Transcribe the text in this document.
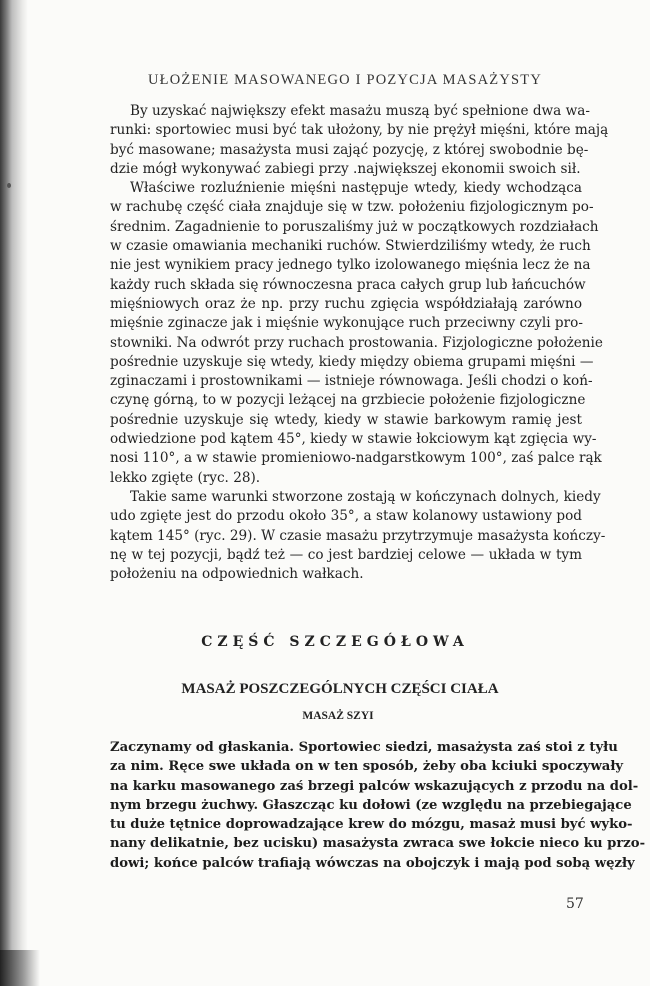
UŁOŻENIE MASOWANEGO I POZYCJA MASAŻYSTY
By uzyskać największy efekt masażu muszą być spełnione dwa wa-
runki: sportowiec musi być tak ułożony, by nie prężył mięśni, które mają
być masowane; masażysta musi zająć pozycję, z której swobodnie bę-
dzie mógł wykonywać zabiegi przy .największej ekonomii swoich sił.
Właściwe rozluźnienie mięśni następuje wtedy, kiedy wchodząca
w rachubę część ciała znajduje się w tzw. położeniu fizjologicznym po-
średnim. Zagadnienie to poruszaliśmy już w początkowych rozdziałach
w czasie omawiania mechaniki ruchów. Stwierdziliśmy wtedy, że ruch
nie jest wynikiem pracy jednego tylko izolowanego mięśnia lecz że na
każdy ruch składa się równoczesna praca całych grup lub łańcuchów
mięśniowych oraz że np. przy ruchu zgięcia współdziałają zarówno
mięśnie zginacze jak i mięśnie wykonujące ruch przeciwny czyli pro-
stowniki. Na odwrót przy ruchach prostowania. Fizjologiczne położenie
pośrednie uzyskuje się wtedy, kiedy między obiema grupami mięśni —
zginaczami i prostownikami — istnieje równowaga. Jeśli chodzi o koń-
czynę górną, to w pozycji leżącej na grzbiecie położenie fizjologiczne
pośrednie uzyskuje się wtedy, kiedy w stawie barkowym ramię jest
odwiedzione pod kątem 45°, kiedy w stawie łokciowym kąt zgięcia wy-
nosi 110°, a w stawie promieniowo-nadgarstkowym 100°, zaś palce rąk
lekko zgięte (ryc. 28).
Takie same warunki stworzone zostają w kończynach dolnych, kiedy
udo zgięte jest do przodu około 35°, a staw kolanowy ustawiony pod
kątem 145° (ryc. 29). W czasie masażu przytrzymuje masażysta kończy-
nę w tej pozycji, bądź też — co jest bardziej celowe — układa w tym
położeniu na odpowiednich wałkach.
CZĘŚĆ SZCZEGÓŁOWA
MASAŻ POSZCZEGÓLNYCH CZĘŚCI CIAŁA
MASAŻ SZYI
Zaczynamy od głaskania. Sportowiec siedzi, masażysta zaś stoi z tyłu
za nim. Ręce swe układa on w ten sposób, żeby oba kciuki spoczywały
na karku masowanego zaś brzegi palców wskazujących z przodu na dol-
nym brzegu żuchwy. Głaszcząc ku dołowi (ze względu na przebiegające
tu duże tętnice doprowadzające krew do mózgu, masaż musi być wyko-
nany delikatnie, bez ucisku) masażysta zwraca swe łokcie nieco ku przo-
dowi; końce palców trafiają wówczas na obojczyk i mają pod sobą węzły
57
